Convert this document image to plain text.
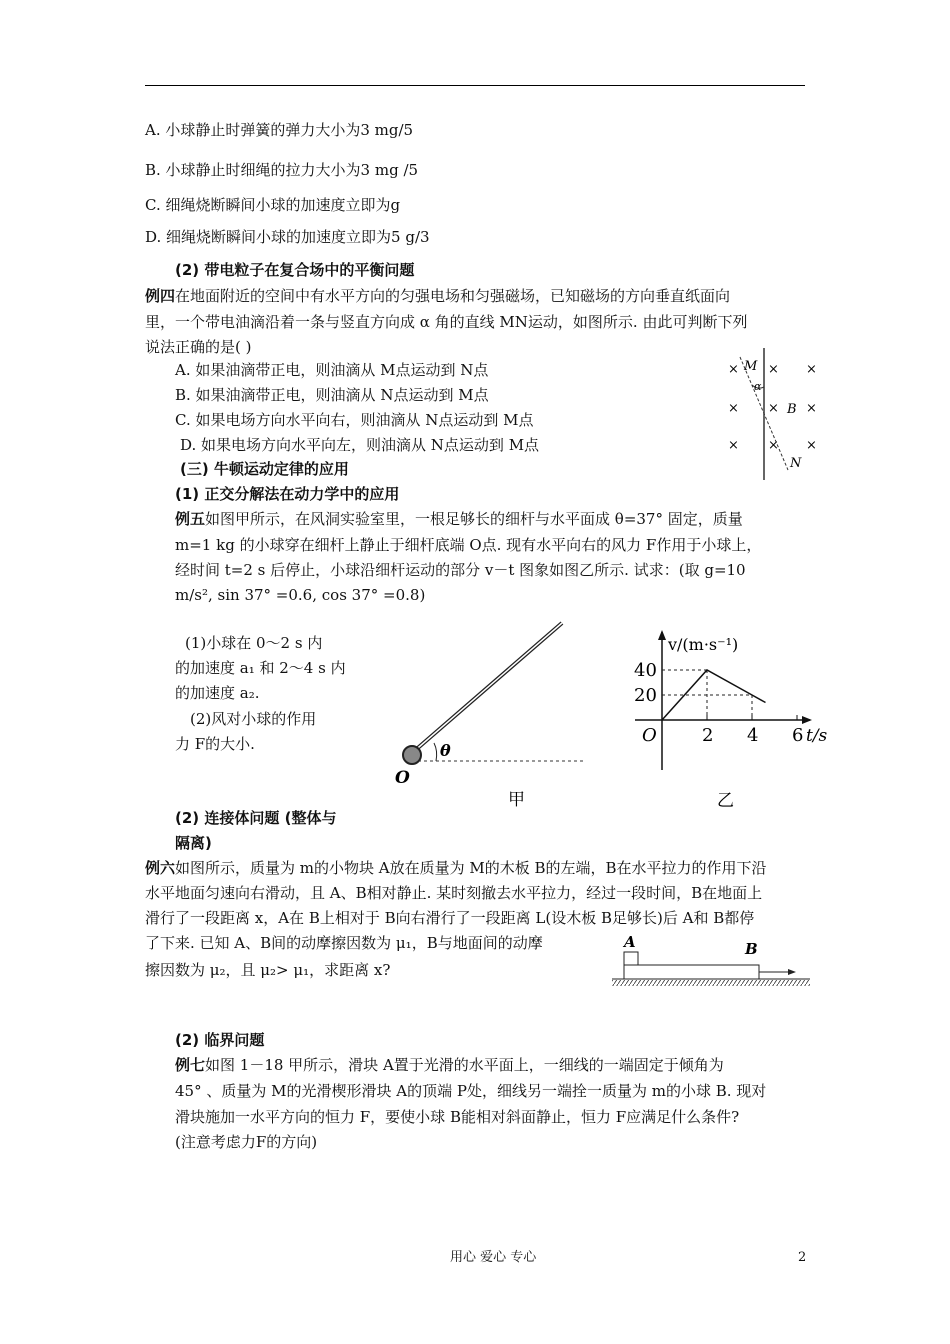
A. 小球静止时弹簧的弹力大小为3 mg/5
B. 小球静止时细绳的拉力大小为3 mg /5
C. 细绳烧断瞬间小球的加速度立即为g
D. 细绳烧断瞬间小球的加速度立即为5 g/3
(2) 带电粒子在复合场中的平衡问题
例四在地面附近的空间中有水平方向的匀强电场和匀强磁场，已知磁场的方向垂直纸面向
里，一个带电油滴沿着一条与竖直方向成 α 角的直线 MN运动，如图所示. 由此可判断下列
说法正确的是( )
A. 如果油滴带正电，则油滴从 M点运动到 N点
B. 如果油滴带正电，则油滴从 N点运动到 M点
C. 如果电场方向水平向右，则油滴从 N点运动到 M点
D. 如果电场方向水平向左，则油滴从 N点运动到 M点
× × ×
× × ×
× × ×
M
α
B
N
(三) 牛顿运动定律的应用
(1) 正交分解法在动力学中的应用
例五如图甲所示，在风洞实验室里，一根足够长的细杆与水平面成 θ=37° 固定，质量
m=1 kg 的小球穿在细杆上静止于细杆底端 O点. 现有水平向右的风力 F作用于小球上，
经时间 t=2 s 后停止，小球沿细杆运动的部分 v－t 图象如图乙所示. 试求：(取 g=10
m/s², sin 37° =0.6, cos 37° =0.8)
(1)小球在 0～2 s 内
的加速度 a₁ 和 2～4 s 内
的加速度 a₂.
(2)风对小球的作用
力 F的大小.	θ
O
甲
v/(m·s⁻¹)
t/s
O
20
40
2 4 6
乙
(2) 连接体问题 (整体与
隔离)
例六如图所示，质量为 m的小物块 A放在质量为 M的木板 B的左端，B在水平拉力的作用下沿
水平地面匀速向右滑动，且 A、B相对静止. 某时刻撤去水平拉力，经过一段时间，B在地面上
滑行了一段距离 x，A在 B上相对于 B向右滑行了一段距离 L(设木板 B足够长)后 A和 B都停
了下来. 已知 A、B间的动摩擦因数为 μ₁，B与地面间的动摩
擦因数为 μ₂，且 μ₂> μ₁，求距离 x?
A	B
(2) 临界问题
例七如图 1－18 甲所示，滑块 A置于光滑的水平面上，一细线的一端固定于倾角为
45° 、质量为 M的光滑楔形滑块 A的顶端 P处，细线另一端拴一质量为 m的小球 B. 现对
滑块施加一水平方向的恒力 F，要使小球 B能相对斜面静止，恒力 F应满足什么条件?
(注意考虑力F的方向)
用心 爱心 专心	2
